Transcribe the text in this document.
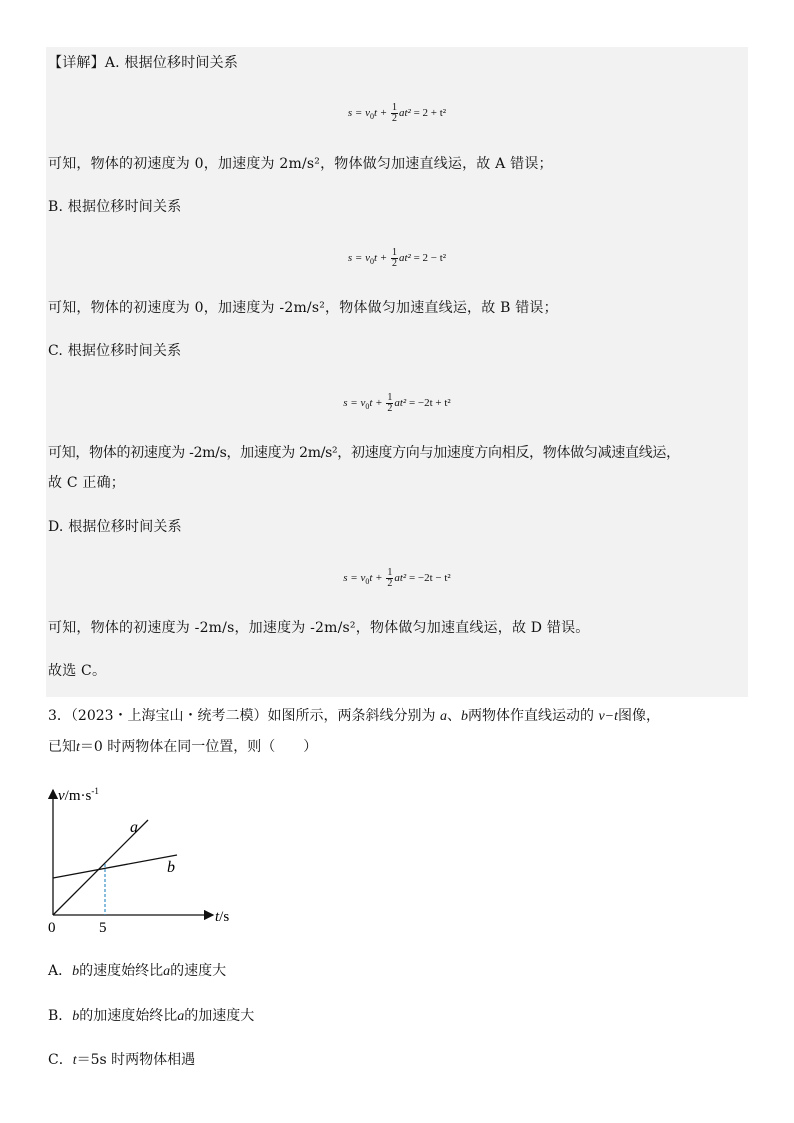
【详解】A. 根据位移时间关系
$s = v_0t + \frac{1}{2} at^2 = 2 + t^2$
可知，物体的初速度为 0，加速度为 2m/s²，物体做匀加速直线运，故 A 错误；
B. 根据位移时间关系
$s = v_0t + \frac{1}{2} at^2 = 2 - t^2$
可知，物体的初速度为 0，加速度为 -2m/s²，物体做匀加速直线运，故 B 错误；
C. 根据位移时间关系
$s = v_0t + \frac{1}{2} at^2 = -2t + t^2$
可知，物体的初速度为 -2m/s，加速度为 2m/s²，初速度方向与加速度方向相反，物体做匀减速直线运，
故 C 正确；
D. 根据位移时间关系
$s = v_0t + \frac{1}{2} at^2 = -2t - t^2$
可知，物体的初速度为 -2m/s，加速度为 -2m/s²，物体做匀加速直线运，故 D 错误。
故选 C。
3．（2023・上海宝山・统考二模）如图所示，两条斜线分别为 a、b两物体作直线运动的 v−t图像，
已知t＝0 时两物体在同一位置，则（　　）
$v/m\cdot s^{-1}$
t/s
0	5
a
b
A．b的速度始终比a的速度大
B．b的加速度始终比a的加速度大
C．t＝5s 时两物体相遇
